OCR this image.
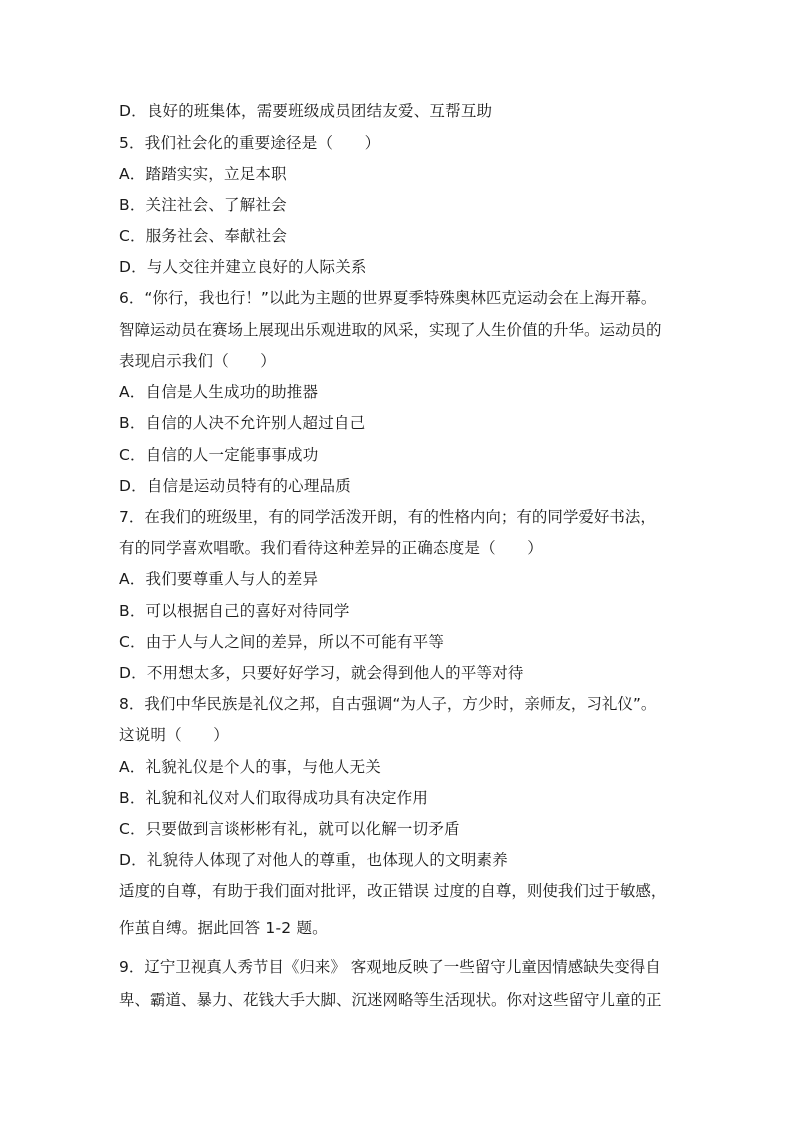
D．良好的班集体，需要班级成员团结友爱、互帮互助
5．我们社会化的重要途径是（　　）
A．踏踏实实，立足本职
B．关注社会、了解社会
C．服务社会、奉献社会
D．与人交往并建立良好的人际关系
6．“你行，我也行！”以此为主题的世界夏季特殊奥林匹克运动会在上海开幕。
智障运动员在赛场上展现出乐观进取的风采，实现了人生价值的升华。运动员的
表现启示我们（　　）
A．自信是人生成功的助推器
B．自信的人决不允许别人超过自己
C．自信的人一定能事事成功
D．自信是运动员特有的心理品质
7．在我们的班级里，有的同学活泼开朗，有的性格内向；有的同学爱好书法，
有的同学喜欢唱歌。我们看待这种差异的正确态度是（　　）
A．我们要尊重人与人的差异
B．可以根据自己的喜好对待同学
C．由于人与人之间的差异，所以不可能有平等
D．不用想太多，只要好好学习，就会得到他人的平等对待
8．我们中华民族是礼仪之邦，自古强调“为人子，方少时，亲师友，习礼仪”。
这说明（　　）
A．礼貌礼仪是个人的事，与他人无关
B．礼貌和礼仪对人们取得成功具有决定作用
C．只要做到言谈彬彬有礼，就可以化解一切矛盾
D．礼貌待人体现了对他人的尊重，也体现人的文明素养
适度的自尊，有助于我们面对批评，改正错误 过度的自尊，则使我们过于敏感，
作茧自缚。据此回答 1-2 题。
9．辽宁卫视真人秀节目《归来》 客观地反映了一些留守儿童因情感缺失变得自
卑、霸道、暴力、花钱大手大脚、沉迷网略等生活现状。你对这些留守儿童的正
